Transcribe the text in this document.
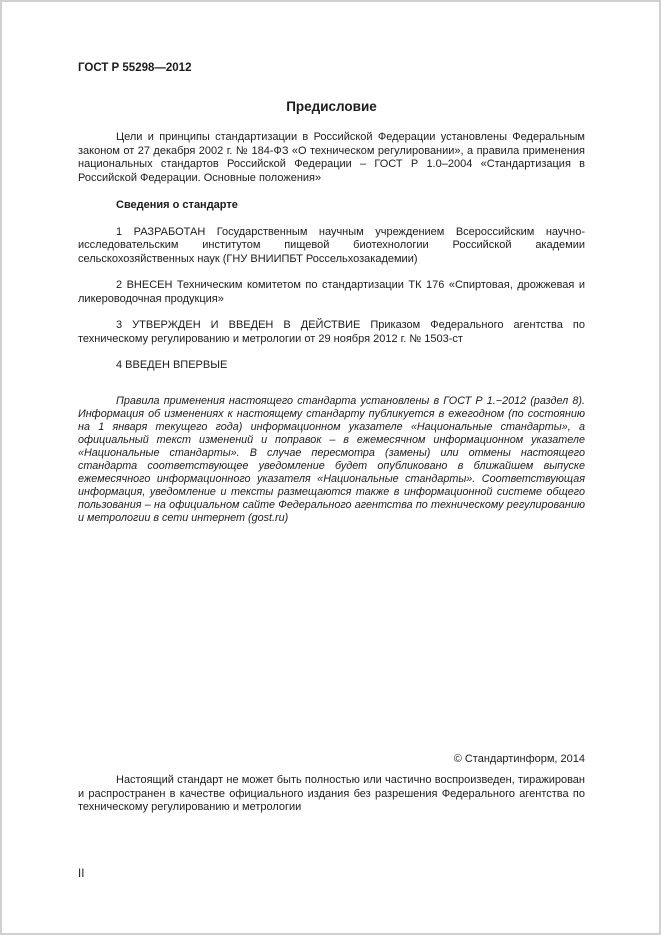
ГОСТ Р 55298—2012

Предисловие

Цели и принципы стандартизации в Российской Федерации установлены Федеральным законом от 27 декабря 2002 г. № 184-ФЗ «О техническом регулировании», а правила применения национальных стандартов Российской Федерации – ГОСТ Р 1.0–2004 «Стандартизация в Российской Федерации. Основные положения»

Сведения о стандарте

1 РАЗРАБОТАН Государственным научным учреждением Всероссийским научно-исследовательским институтом пищевой биотехнологии Российской академии сельскохозяйственных наук (ГНУ ВНИИПБТ Россельхозакадемии)

2 ВНЕСЕН Техническим комитетом по стандартизации ТК 176 «Спиртовая, дрожжевая и ликероводочная продукция»

3 УТВЕРЖДЕН И ВВЕДЕН В ДЕЙСТВИЕ Приказом Федерального агентства по техническому регулированию и метрологии от 29 ноября 2012 г. № 1503-ст

4 ВВЕДЕН ВПЕРВЫЕ

Правила применения настоящего стандарта установлены в ГОСТ Р 1.−2012 (раздел 8). Информация об изменениях к настоящему стандарту публикуется в ежегодном (по состоянию на 1 января текущего года) информационном указателе «Национальные стандарты», а официальный текст изменений и поправок – в ежемесячном информационном указателе «Национальные стандарты». В случае пересмотра (замены) или отмены настоящего стандарта соответствующее уведомление будет опубликовано в ближайшем выпуске ежемесячного информационного указателя «Национальные стандарты». Соответствующая информация, уведомление и тексты размещаются также в информационной системе общего пользования – на официальном сайте Федерального агентства по техническому регулированию и метрологии в сети интернет (gost.ru)

© Стандартинформ, 2014

Настоящий стандарт не может быть полностью или частично воспроизведен, тиражирован и распространен в качестве официального издания без разрешения Федерального агентства по техническому регулированию и метрологии

II
